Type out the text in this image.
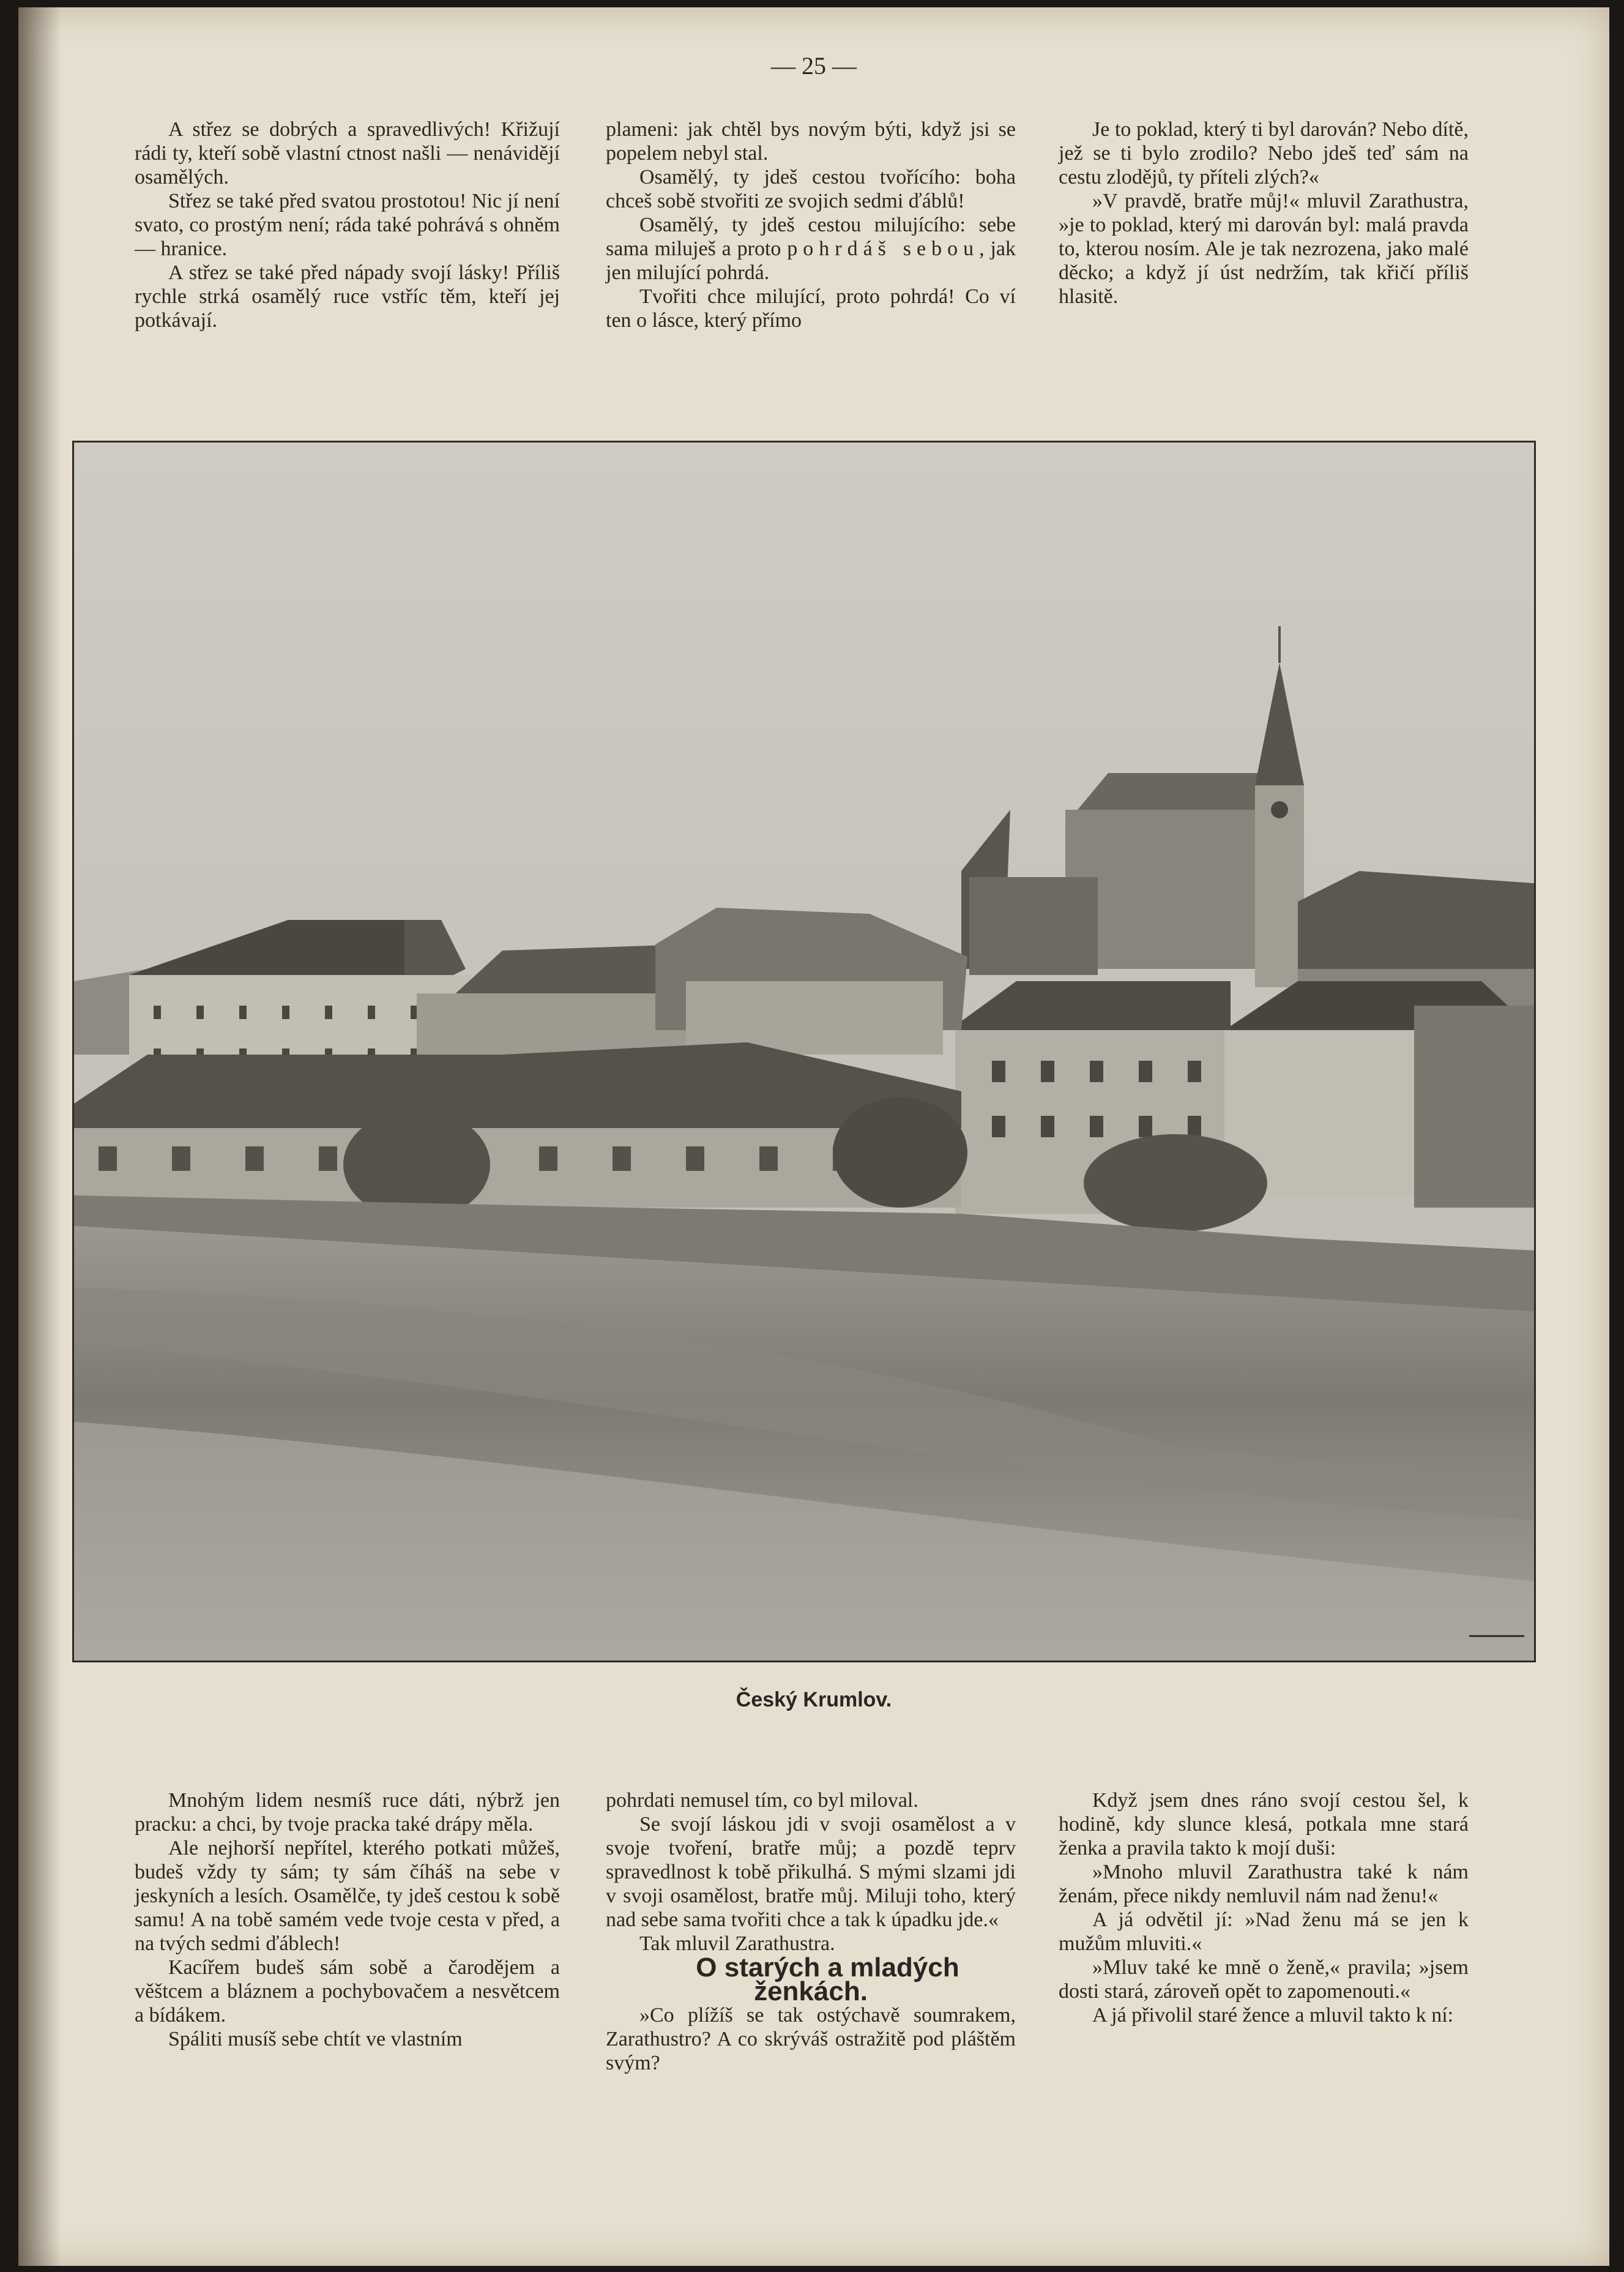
— 25 —

A střez se dobrých a spravedlivých! Křižují rádi ty, kteří sobě vlastní ctnost našli — nenávidějí osamělých.

Střez se také před svatou prostotou! Nic jí není svato, co prostým není; ráda také pohrává s ohněm — hranice.

A střez se také před nápady svojí lásky! Příliš rychle strká osamělý ruce vstříc těm, kteří jej potkávají.

plameni: jak chtěl bys novým býti, když jsi se popelem nebyl stal.

Osamělý, ty jdeš cestou tvořícího: boha chceš sobě stvořiti ze svojich sedmi ďáblů!

Osamělý, ty jdeš cestou milujícího: sebe sama miluješ a proto pohrdáš sebou, jak jen milující pohrdá.

Tvořiti chce milující, proto pohrdá! Co ví ten o lásce, který přímo

Je to poklad, který ti byl darován? Nebo dítě, jež se ti bylo zrodilo? Nebo jdeš teď sám na cestu zlodějů, ty příteli zlých?«

»V pravdě, bratře můj!« mluvil Zarathustra, »je to poklad, který mi darován byl: malá pravda to, kterou nosím. Ale je tak nezrozena, jako malé děcko; a když jí úst nedržím, tak křičí příliš hlasitě.

Český Krumlov.

Mnohým lidem nesmíš ruce dáti, nýbrž jen pracku: a chci, by tvoje pracka také drápy měla.

Ale nejhorší nepřítel, kterého potkati můžeš, budeš vždy ty sám; ty sám číháš na sebe v jeskyních a lesích. Osamělče, ty jdeš cestou k sobě samu! A na tobě samém vede tvoje cesta v před, a na tvých sedmi ďáblech!

Kacířem budeš sám sobě a čarodějem a věštcem a bláznem a pochybovačem a nesvětcem a bídákem.

Spáliti musíš sebe chtít ve vlastním

pohrdati nemusel tím, co byl miloval.

Se svojí láskou jdi v svoji osamělost a v svoje tvoření, bratře můj; a pozdě teprv spravedlnost k tobě přikulhá. S mými slzami jdi v svoji osamělost, bratře můj. Miluji toho, který nad sebe sama tvořiti chce a tak k úpadku jde.«

Tak mluvil Zarathustra.

O starých a mladých ženkách.

»Co plížíš se tak ostýchavě soumrakem, Zarathustro? A co skrýváš ostražitě pod pláštěm svým?

Když jsem dnes ráno svojí cestou šel, k hodině, kdy slunce klesá, potkala mne stará ženka a pravila takto k mojí duši:

»Mnoho mluvil Zarathustra také k nám ženám, přece nikdy nemluvil nám nad ženu!«

A já odvětil jí: »Nad ženu má se jen k mužům mluviti.«

»Mluv také ke mně o ženě,« pravila; »jsem dosti stará, zároveň opět to zapomenouti.«

A já přivolil staré žence a mluvil takto k ní:
